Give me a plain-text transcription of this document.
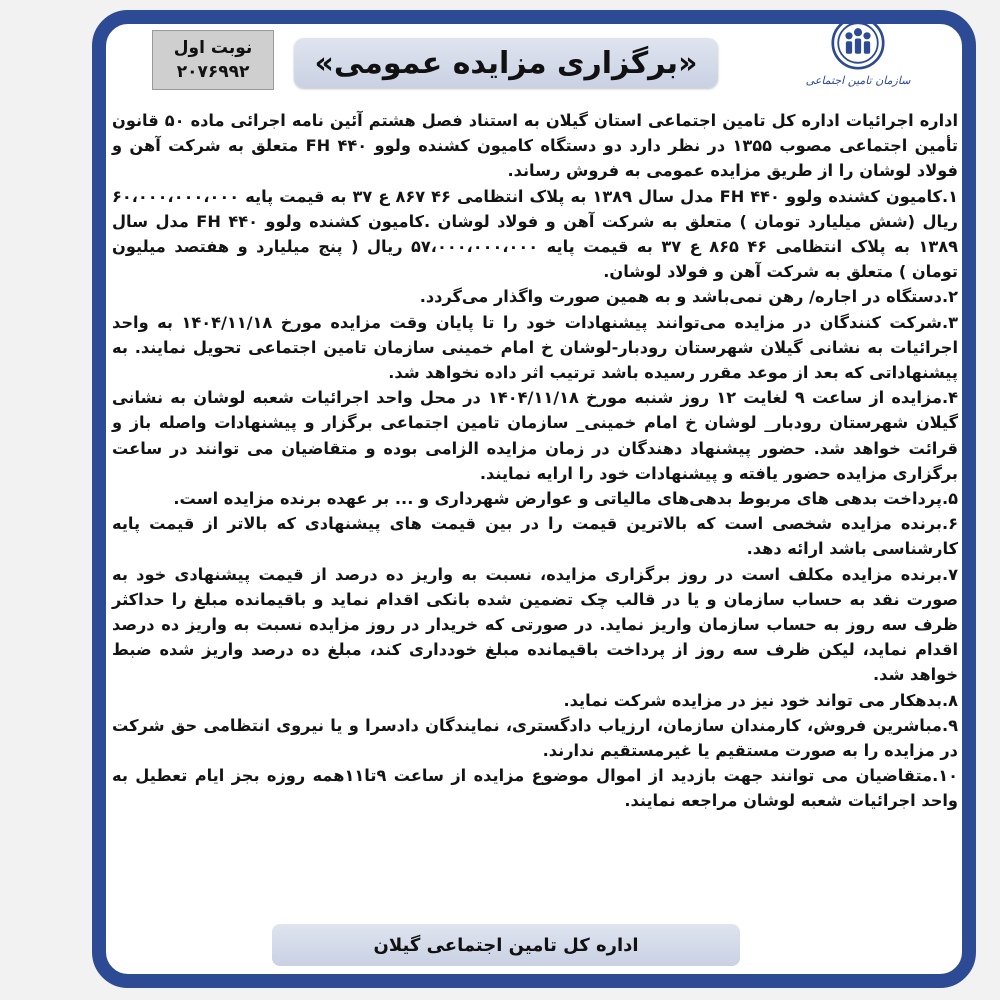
سازمان تامین اجتماعی
«برگزاری مزایده عمومی»
نوبت اول
۲۰۷۶۹۹۲

اداره اجرائیات اداره کل تامین اجتماعی استان گیلان به استناد فصل هشتم آئین نامه اجرائی ماده ۵۰ قانون تأمین اجتماعی مصوب ۱۳۵۵ در نظر دارد دو دستگاه کامیون کشنده ولوو FH ۴۴۰ متعلق به شرکت آهن و فولاد لوشان را از طریق مزایده عمومی به فروش رساند.

۱.کامیون کشنده ولوو FH ۴۴۰ مدل سال ۱۳۸۹ به پلاک انتظامی ۴۶ ۸۶۷ ع ۳۷ به قیمت پایه ۶۰،۰۰۰،۰۰۰،۰۰۰ ریال (شش میلیارد تومان ) متعلق به شرکت آهن و فولاد لوشان .کامیون کشنده ولوو FH ۴۴۰ مدل سال ۱۳۸۹ به پلاک انتظامی ۴۶ ۸۶۵ ع ۳۷ به قیمت پایه ۵۷،۰۰۰،۰۰۰،۰۰۰ ریال ( پنج میلیارد و هفتصد میلیون تومان ) متعلق به شرکت آهن و فولاد لوشان.

۲.دستگاه در اجاره/ رهن نمی‌باشد و به همین صورت واگذار می‌گردد.

۳.شرکت کنندگان در مزایده می‌توانند پیشنهادات خود را تا پایان وقت مزایده مورخ ۱۴۰۴/۱۱/۱۸ به واحد اجرائیات به نشانی گیلان شهرستان رودبار-لوشان خ امام خمینی سازمان تامین اجتماعی تحویل نمایند. به پیشنهاداتی که بعد از موعد مقرر رسیده باشد ترتیب اثر داده نخواهد شد.

۴.مزایده از ساعت ۹ لغایت ۱۲ روز شنبه مورخ ۱۴۰۴/۱۱/۱۸ در محل واحد اجرائیات شعبه لوشان به نشانی گیلان شهرستان رودبار_ لوشان خ امام خمینی_ سازمان تامین اجتماعی برگزار و پیشنهادات واصله باز و قرائت خواهد شد. حضور پیشنهاد دهندگان در زمان مزایده الزامی بوده و متقاضیان می توانند در ساعت برگزاری مزایده حضور یافته و پیشنهادات خود را ارایه نمایند.

۵.پرداخت بدهی های مربوط بدهی‌های مالیاتی و عوارض شهرداری و ... بر عهده برنده مزایده است.

۶.برنده مزایده شخصی است که بالاترین قیمت را در بین قیمت های پیشنهادی که بالاتر از قیمت پایه کارشناسی باشد ارائه دهد.

۷.برنده مزایده مکلف است در روز برگزاری مزایده، نسبت به واریز ده درصد از قیمت پیشنهادی خود به صورت نقد به حساب سازمان و یا در قالب چک تضمین شده بانکی اقدام نماید و باقیمانده مبلغ را حداکثر ظرف سه روز به حساب سازمان واریز نماید. در صورتی که خریدار در روز مزایده نسبت به واریز ده درصد اقدام نماید، لیکن ظرف سه روز از پرداخت باقیمانده مبلغ خودداری کند، مبلغ ده درصد واریز شده ضبط خواهد شد.

۸.بدهکار می تواند خود نیز در مزایده شرکت نماید.

۹.مباشرین فروش، کارمندان سازمان، ارزیاب دادگستری، نمایندگان دادسرا و یا نیروی انتظامی حق شرکت در مزایده را به صورت مستقیم یا غیرمستقیم ندارند.

۱۰.متقاضیان می توانند جهت بازدید از اموال موضوع مزایده از ساعت ۹تا۱۱همه روزه بجز ایام تعطیل به واحد اجرائیات شعبه لوشان مراجعه نمایند.

اداره کل تامین اجتماعی گیلان
